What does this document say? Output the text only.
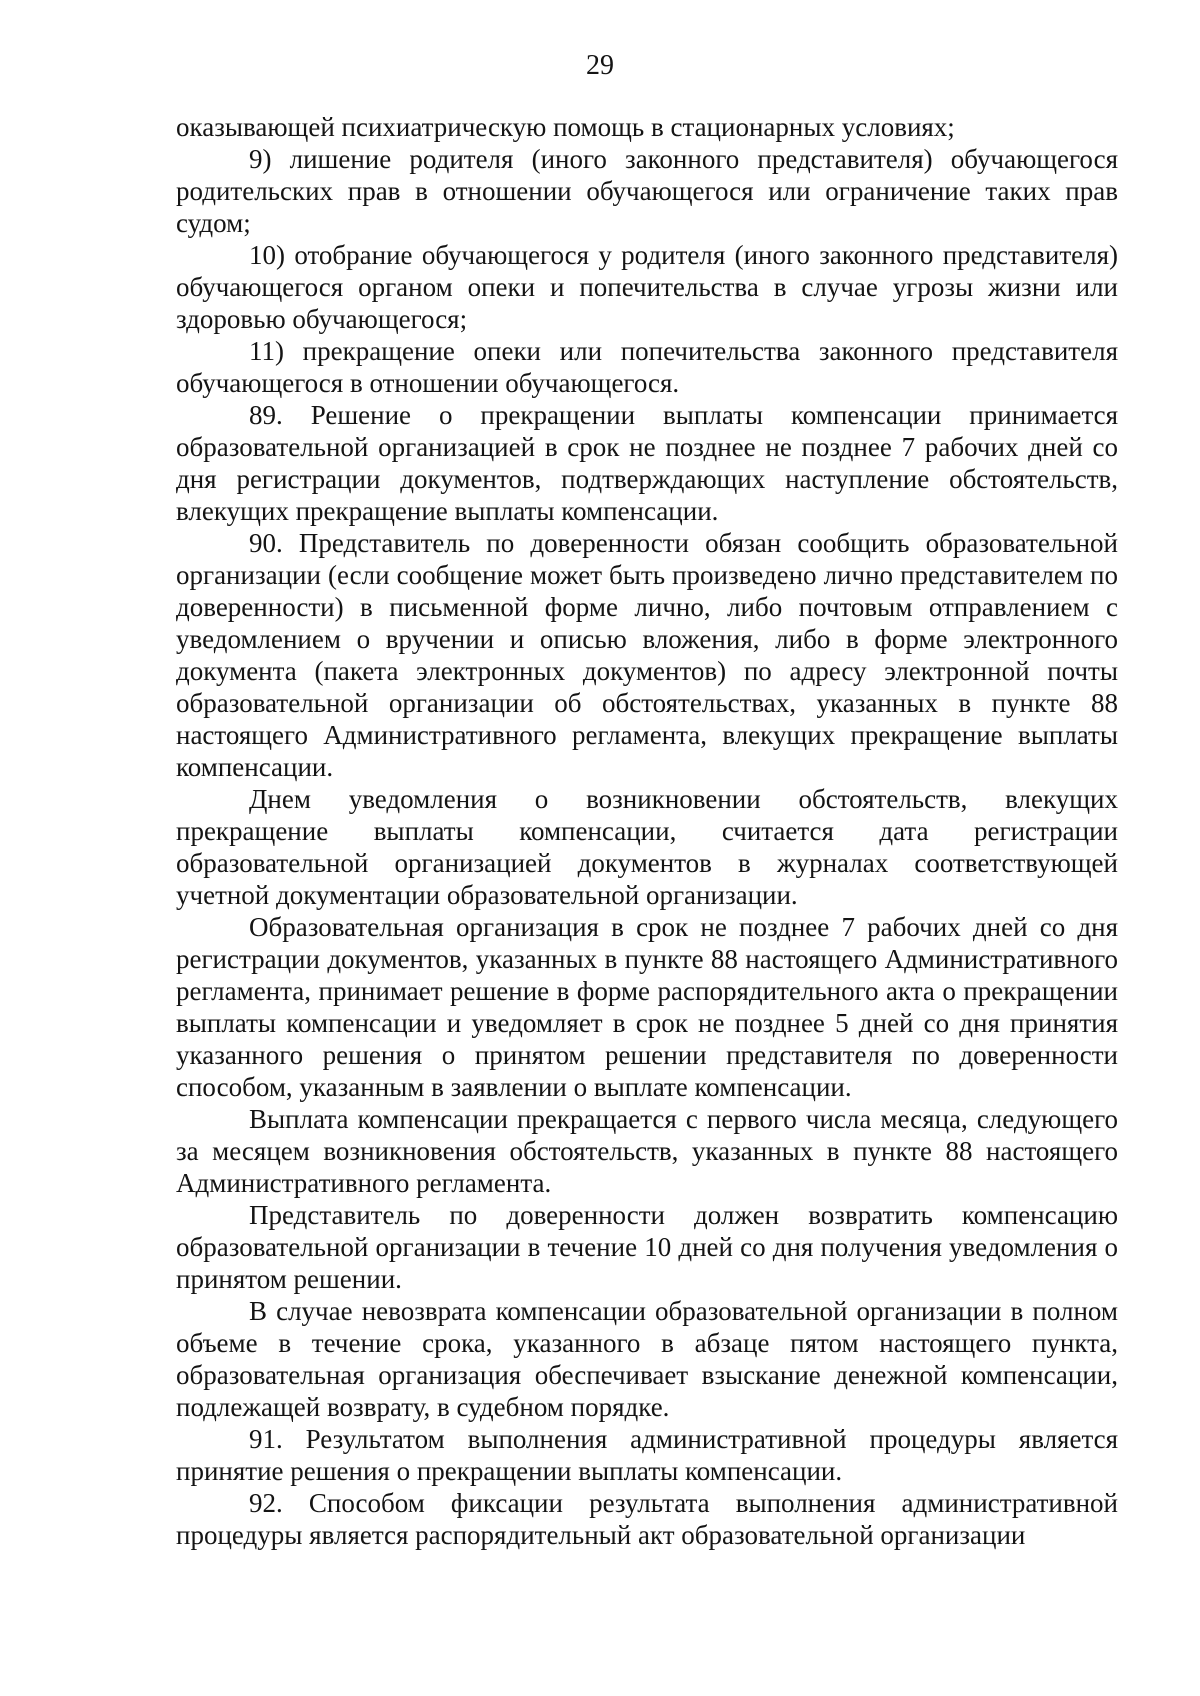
29

оказывающей психиатрическую помощь в стационарных условиях;

9) лишение родителя (иного законного представителя) обучающегося родительских прав в отношении обучающегося или ограничение таких прав судом;

10) отобрание обучающегося у родителя (иного законного представителя) обучающегося органом опеки и попечительства в случае угрозы жизни или здоровью обучающегося;

11) прекращение опеки или попечительства законного представителя обучающегося в отношении обучающегося.

89. Решение о прекращении выплаты компенсации принимается образовательной организацией в срок не позднее не позднее 7 рабочих дней со дня регистрации документов, подтверждающих наступление обстоятельств, влекущих прекращение выплаты компенсации.

90. Представитель по доверенности обязан сообщить образовательной организации (если сообщение может быть произведено лично представителем по доверенности) в письменной форме лично, либо почтовым отправлением с уведомлением о вручении и описью вложения, либо в форме электронного документа (пакета электронных документов) по адресу электронной почты образовательной организации об обстоятельствах, указанных в пункте 88 настоящего Административного регламента, влекущих прекращение выплаты компенсации.

Днем уведомления о возникновении обстоятельств, влекущих прекращение выплаты компенсации, считается дата регистрации образовательной организацией документов в журналах соответствующей учетной документации образовательной организации.

Образовательная организация в срок не позднее 7 рабочих дней со дня регистрации документов, указанных в пункте 88 настоящего Административного регламента, принимает решение в форме распорядительного акта о прекращении выплаты компенсации и уведомляет в срок не позднее 5 дней со дня принятия указанного решения о принятом решении представителя по доверенности способом, указанным в заявлении о выплате компенсации.

Выплата компенсации прекращается с первого числа месяца, следующего за месяцем возникновения обстоятельств, указанных в пункте 88 настоящего Административного регламента.

Представитель по доверенности должен возвратить компенсацию образовательной организации в течение 10 дней со дня получения уведомления о принятом решении.

В случае невозврата компенсации образовательной организации в полном объеме в течение срока, указанного в абзаце пятом настоящего пункта, образовательная организация обеспечивает взыскание денежной компенсации, подлежащей возврату, в судебном порядке.

91. Результатом выполнения административной процедуры является принятие решения о прекращении выплаты компенсации.

92. Способом фиксации результата выполнения административной процедуры является распорядительный акт образовательной организации
